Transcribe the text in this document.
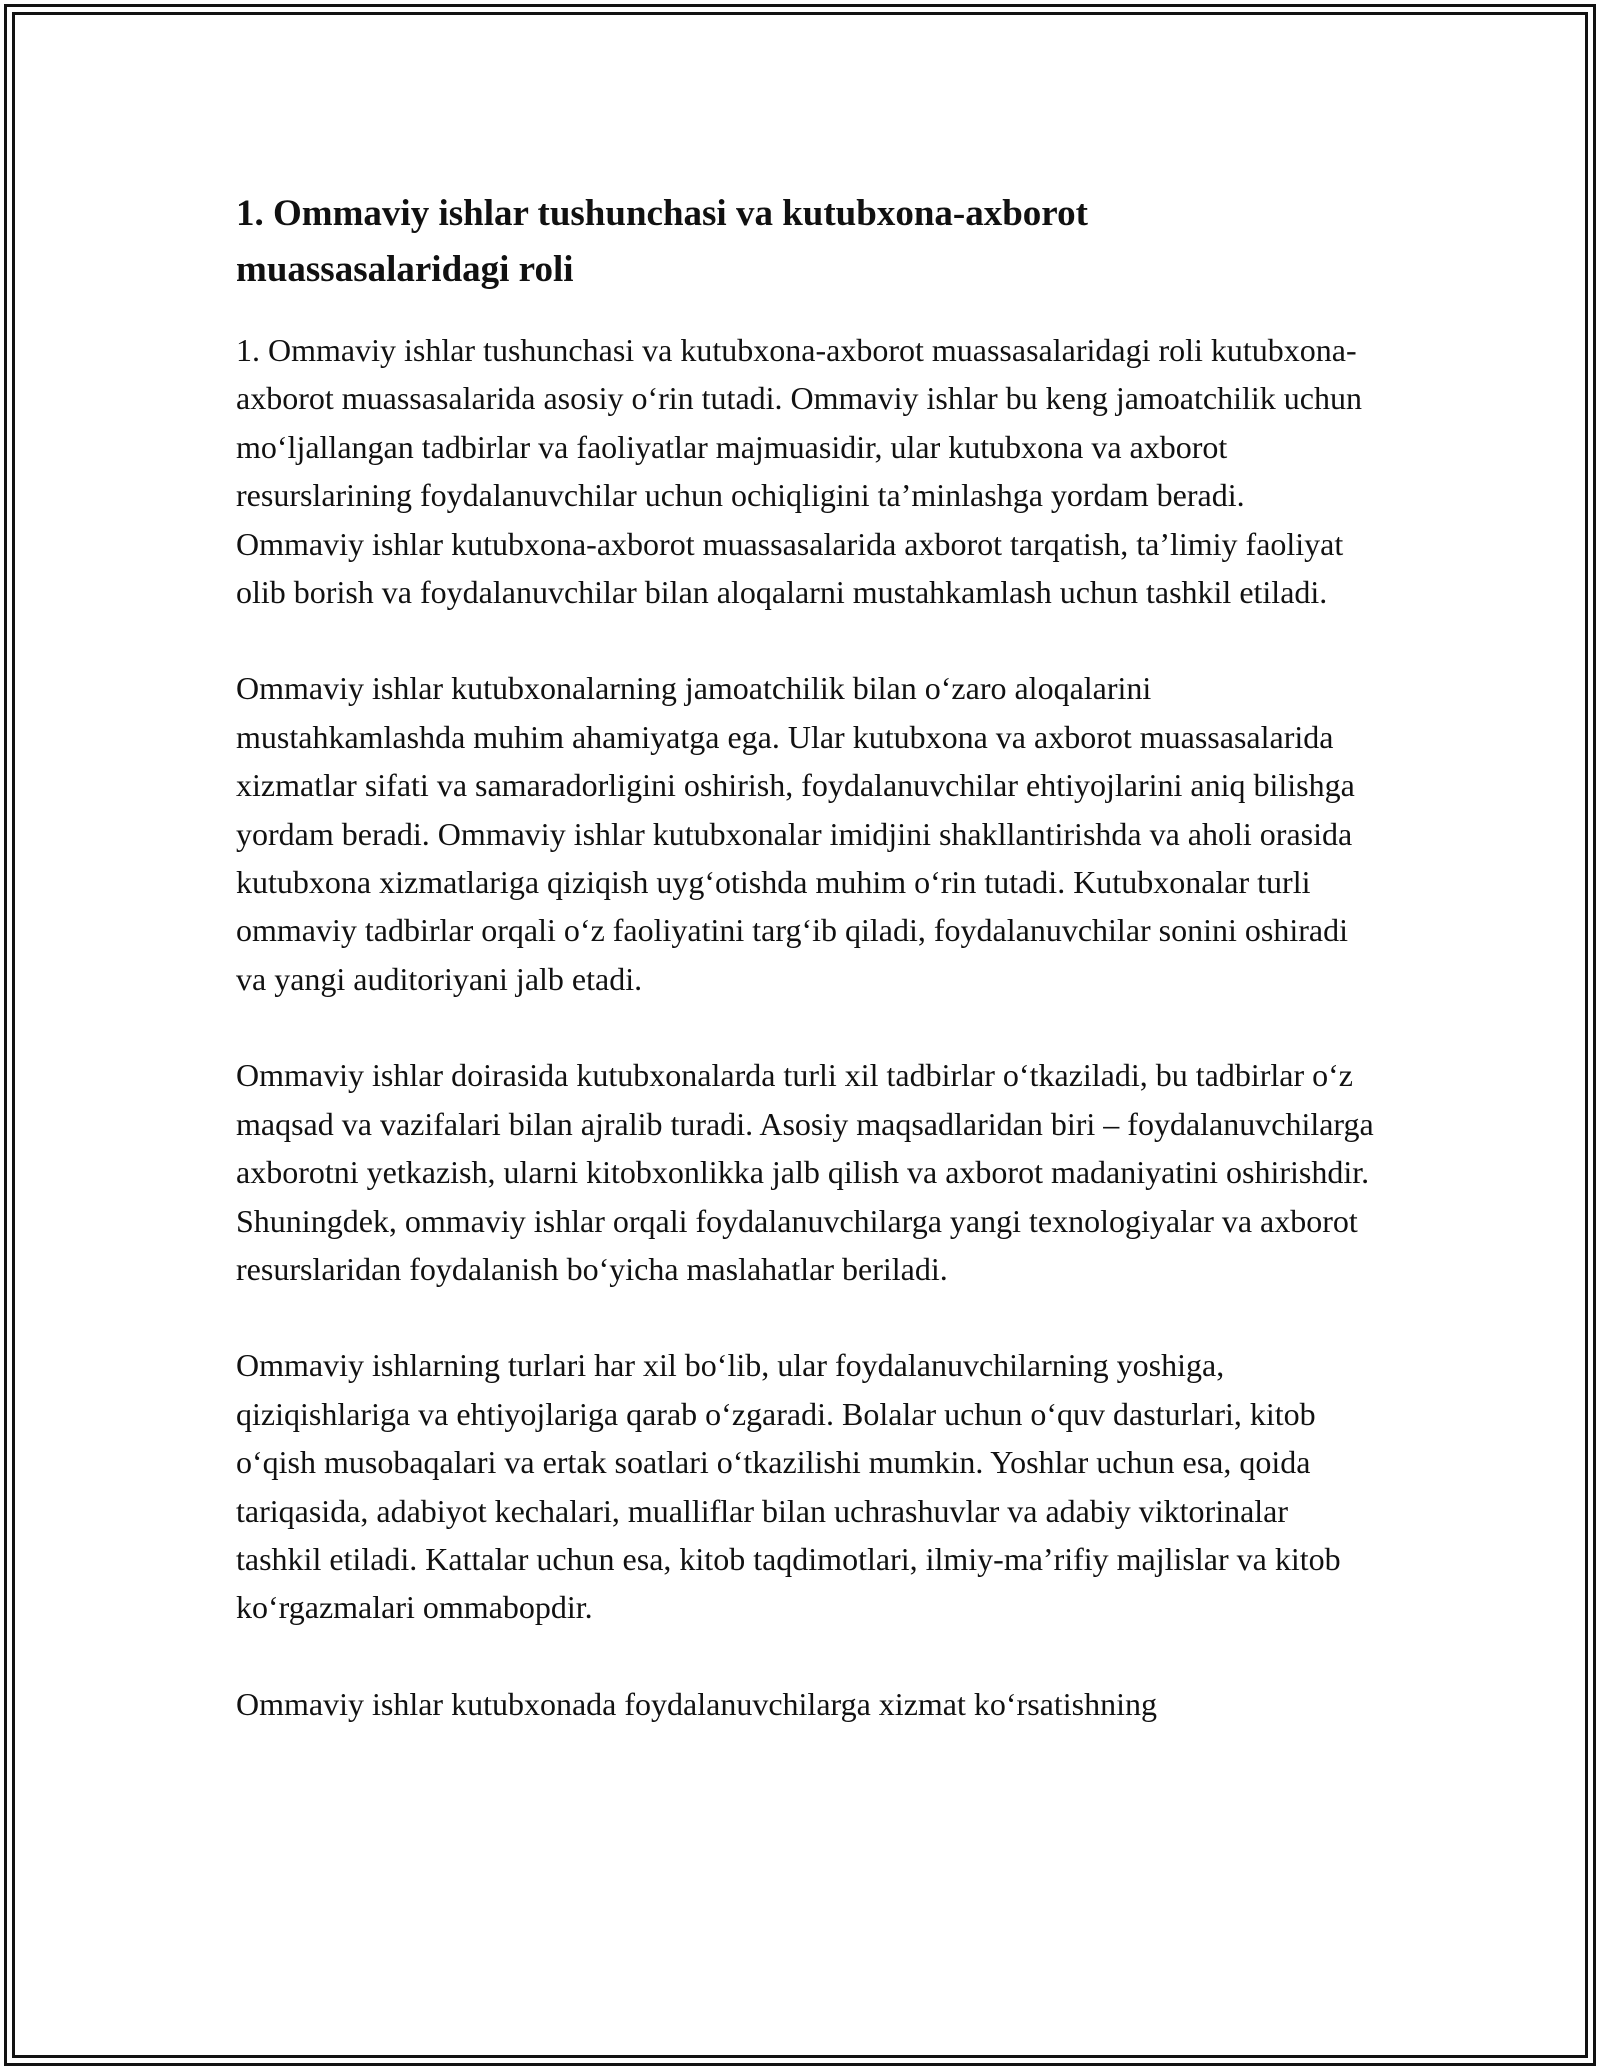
1. Ommaviy ishlar tushunchasi va kutubxona-axborot
muassasalaridagi roli

1. Ommaviy ishlar tushunchasi va kutubxona-axborot muassasalaridagi roli kutubxona-axborot muassasalarida asosiy o‘rin tutadi. Ommaviy ishlar bu keng jamoatchilik uchun mo‘ljallangan tadbirlar va faoliyatlar majmuasidir, ular kutubxona va axborot resurslarining foydalanuvchilar uchun ochiqligini ta’minlashga yordam beradi. Ommaviy ishlar kutubxona-axborot muassasalarida axborot tarqatish, ta’limiy faoliyat olib borish va foydalanuvchilar bilan aloqalarni mustahkamlash uchun tashkil etiladi.

Ommaviy ishlar kutubxonalarning jamoatchilik bilan o‘zaro aloqalarini mustahkamlashda muhim ahamiyatga ega. Ular kutubxona va axborot muassasalarida xizmatlar sifati va samaradorligini oshirish, foydalanuvchilar ehtiyojlarini aniq bilishga yordam beradi. Ommaviy ishlar kutubxonalar imidjini shakllantirishda va aholi orasida kutubxona xizmatlariga qiziqish uyg‘otishda muhim o‘rin tutadi. Kutubxonalar turli ommaviy tadbirlar orqali o‘z faoliyatini targ‘ib qiladi, foydalanuvchilar sonini oshiradi va yangi auditoriyani jalb etadi.

Ommaviy ishlar doirasida kutubxonalarda turli xil tadbirlar o‘tkaziladi, bu tadbirlar o‘z maqsad va vazifalari bilan ajralib turadi. Asosiy maqsadlaridan biri – foydalanuvchilarga axborotni yetkazish, ularni kitobxonlikka jalb qilish va axborot madaniyatini oshirishdir. Shuningdek, ommaviy ishlar orqali foydalanuvchilarga yangi texnologiyalar va axborot resurslaridan foydalanish bo‘yicha maslahatlar beriladi.

Ommaviy ishlarning turlari har xil bo‘lib, ular foydalanuvchilarning yoshiga, qiziqishlariga va ehtiyojlariga qarab o‘zgaradi. Bolalar uchun o‘quv dasturlari, kitob o‘qish musobaqalari va ertak soatlari o‘tkazilishi mumkin. Yoshlar uchun esa, qoida tariqasida, adabiyot kechalari, mualliflar bilan uchrashuvlar va adabiy viktorinalar tashkil etiladi. Kattalar uchun esa, kitob taqdimotlari, ilmiy-ma’rifiy majlislar va kitob ko‘rgazmalari ommabopdir.

Ommaviy ishlar kutubxonada foydalanuvchilarga xizmat ko‘rsatishning
